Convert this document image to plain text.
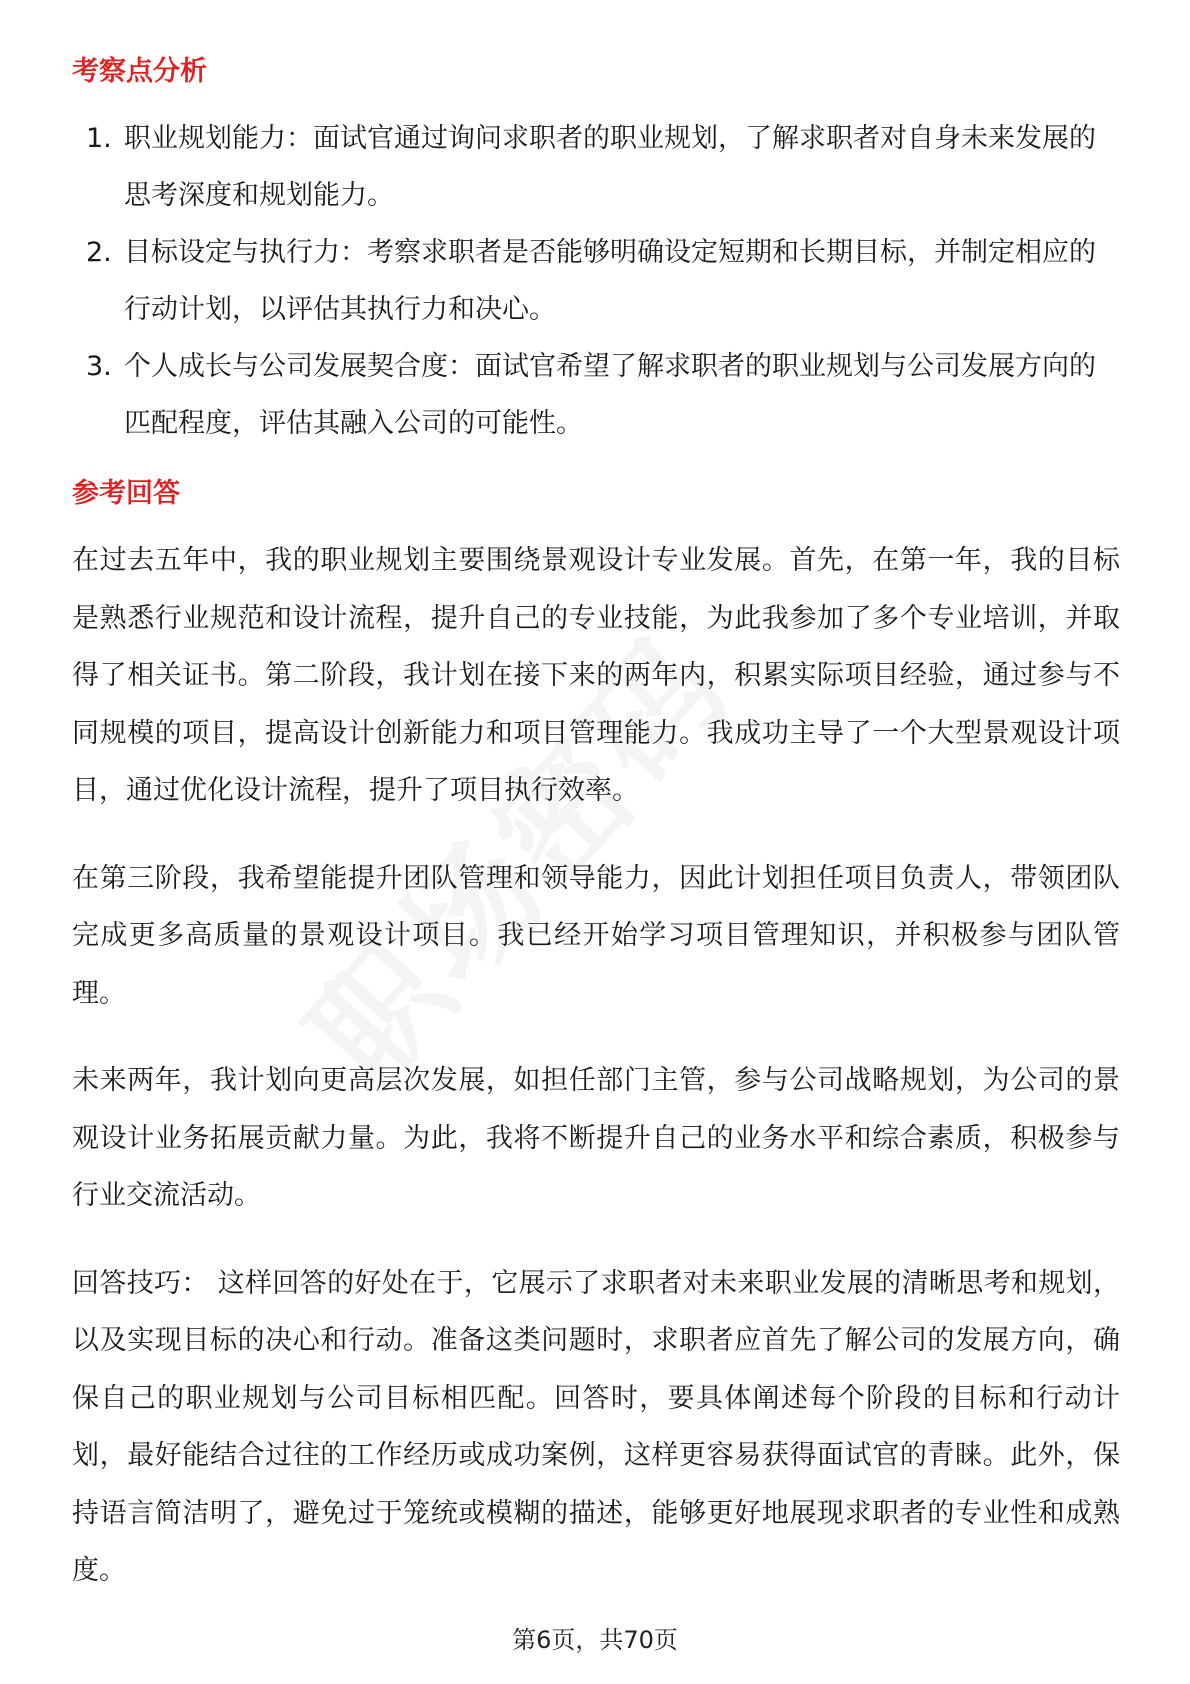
考察点分析
1. 职业规划能力：面试官通过询问求职者的职业规划，了解求职者对自身未来发展的思考深度和规划能力。
2. 目标设定与执行力：考察求职者是否能够明确设定短期和长期目标，并制定相应的行动计划，以评估其执行力和决心。
3. 个人成长与公司发展契合度：面试官希望了解求职者的职业规划与公司发展方向的匹配程度，评估其融入公司的可能性。
参考回答

在过去五年中，我的职业规划主要围绕景观设计专业发展。首先，在第一年，我的目标是熟悉行业规范和设计流程，提升自己的专业技能，为此我参加了多个专业培训，并取得了相关证书。第二阶段，我计划在接下来的两年内，积累实际项目经验，通过参与不同规模的项目，提高设计创新能力和项目管理能力。我成功主导了一个大型景观设计项目，通过优化设计流程，提升了项目执行效率。

在第三阶段，我希望能提升团队管理和领导能力，因此计划担任项目负责人，带领团队完成更多高质量的景观设计项目。我已经开始学习项目管理知识，并积极参与团队管理。

未来两年，我计划向更高层次发展，如担任部门主管，参与公司战略规划，为公司的景观设计业务拓展贡献力量。为此，我将不断提升自己的业务水平和综合素质，积极参与行业交流活动。

回答技巧： 这样回答的好处在于，它展示了求职者对未来职业发展的清晰思考和规划，以及实现目标的决心和行动。准备这类问题时，求职者应首先了解公司的发展方向，确保自己的职业规划与公司目标相匹配。回答时，要具体阐述每个阶段的目标和行动计划，最好能结合过往的工作经历或成功案例，这样更容易获得面试官的青睐。此外，保持语言简洁明了，避免过于笼统或模糊的描述，能够更好地展现求职者的专业性和成熟度。

第6页，共70页
